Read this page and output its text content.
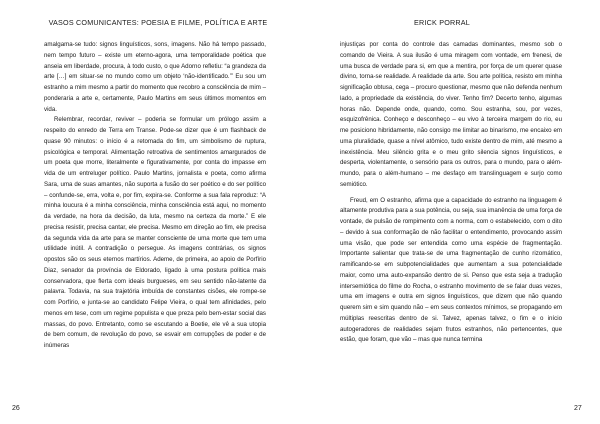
VASOS COMUNICANTES: POESIA E FILME, POLÍTICA E ARTE

amalgama-se tudo: signos linguísticos, sons, imagens. Não há tempo passado, nem tempo futuro – existe um eterno-agora, uma temporalidade poética que anseia em liberdade, procura, à todo custo, o que Adorno refletiu: “a grandeza da arte […] em situar-se no mundo como um objeto ‘não-identificado.’” Eu sou um estranho a mim mesmo a partir do momento que recobro a consciência de mim – ponderaria a arte e, certamente, Paulo Martins em seus últimos momentos em vida.

Relembrar, recordar, reviver – poderia se formular um prólogo assim a respeito do enredo de Terra em Transe. Pode-se dizer que é um flashback de quase 90 minutos: o início é a retomada do fim, um simbolismo de ruptura, psicológica e temporal. Alimentação retroativa de sentimentos amargurados de um poeta que morre, literalmente e figurativamente, por conta do impasse em vida de um entreluger político. Paulo Martins, jornalista e poeta, como afirma Sara, uma de suas amantes, não suporta a fusão do ser poético e do ser político – confunde-se, erra, volta e, por fim, expira-se. Conforme a sua fala reproduz: “A minha loucura é a minha consciência, minha consciência está aqui, no momento da verdade, na hora da decisão, da luta, mesmo na certeza da morte.” E ele precisa resistir, precisa cantar, ele precisa. Mesmo em direção ao fim, ele precisa da segunda vida da arte para se manter consciente de uma morte que tem uma utilidade inútil. A contradição o persegue. As imagens contrárias, os signos opostos são os seus eternos martírios. Ademe, de primeira, ao apoio de Porfírio Diaz, senador da província de Eldorado, ligado à uma postura política mais conservadora, que flerta com ideais burgueses, em seu sentido não-latente da palavra. Todavia, na sua trajetória imbuída de constantes cisões, ele rompe-se com Porfírio, e junta-se ao candidato Felipe Vieira, o qual tem afinidades, pelo menos em tese, com um regime populista e que preza pelo bem-estar social das massas, do povo. Entretanto, como se escutando a Boetie, ele vê a sua utopia de bem comum, de revolução do povo, se esvair em corrupções de poder e de inúmeras

26
ERICK PORRAL

injustiças por conta do controle das camadas dominantes, mesmo sob o comando de Vieira. A sua ilusão é uma miragem com vontade, em frenesi, de uma busca de verdade para si, em que a mentira, por força de um querer quase divino, torna-se realidade. A realidade da arte. Sou arte política, resisto em minha significação obtusa, cega – procuro questionar, mesmo que não defenda nenhum lado, a propriedade da existência, do viver. Tenho fim? Decerto tenho, algumas horas não. Depende onde, quando, como. Sou estranha, sou, por vezes, esquizofrênica. Conheço e desconheço – eu vivo à terceira margem do rio, eu me posiciono hibridamente, não consigo me limitar ao binarismo, me encaixo em uma pluralidade, quase a nível atômico, tudo existe dentro de mim, até mesmo a inexistência. Meu silêncio grita e o meu grito silencia signos linguísticos, e desperta, violentamente, o sensório para os outros, para o mundo, para o além-mundo, para o além-humano – me desfaço em translinguagem e surjo como semiótico.

Freud, em O estranho, afirma que a capacidade do estranho na linguagem é altamente produtiva para a sua potência, ou seja, sua imanência de uma força de vontade, de pulsão de rompimento com a norma, com o estabelecido, com o dito – devido à sua conformação de não facilitar o entendimento, provocando assim uma visão, que pode ser entendida como uma espécie de fragmentação. Importante salientar que trata-se de uma fragmentação de cunho rizomático, ramificando-se em subpotencialidades que aumentam a sua potencialidade maior, como uma auto-expansão dentro de si. Penso que esta seja a tradução intersemiótica do filme do Rocha, o estranho movimento de se falar duas vezes, uma em imagens e outra em signos linguísticos, que dizem que não quando querem sim e sim quando não – em seus contextos mínimos, se propagando em múltiplas reescritas dentro de si. Talvez, apenas talvez, o fim e o início autogeradores de realidades sejam frutos estranhos, não pertencentes, que estão, que foram, que vão – mas que nunca termina

27
